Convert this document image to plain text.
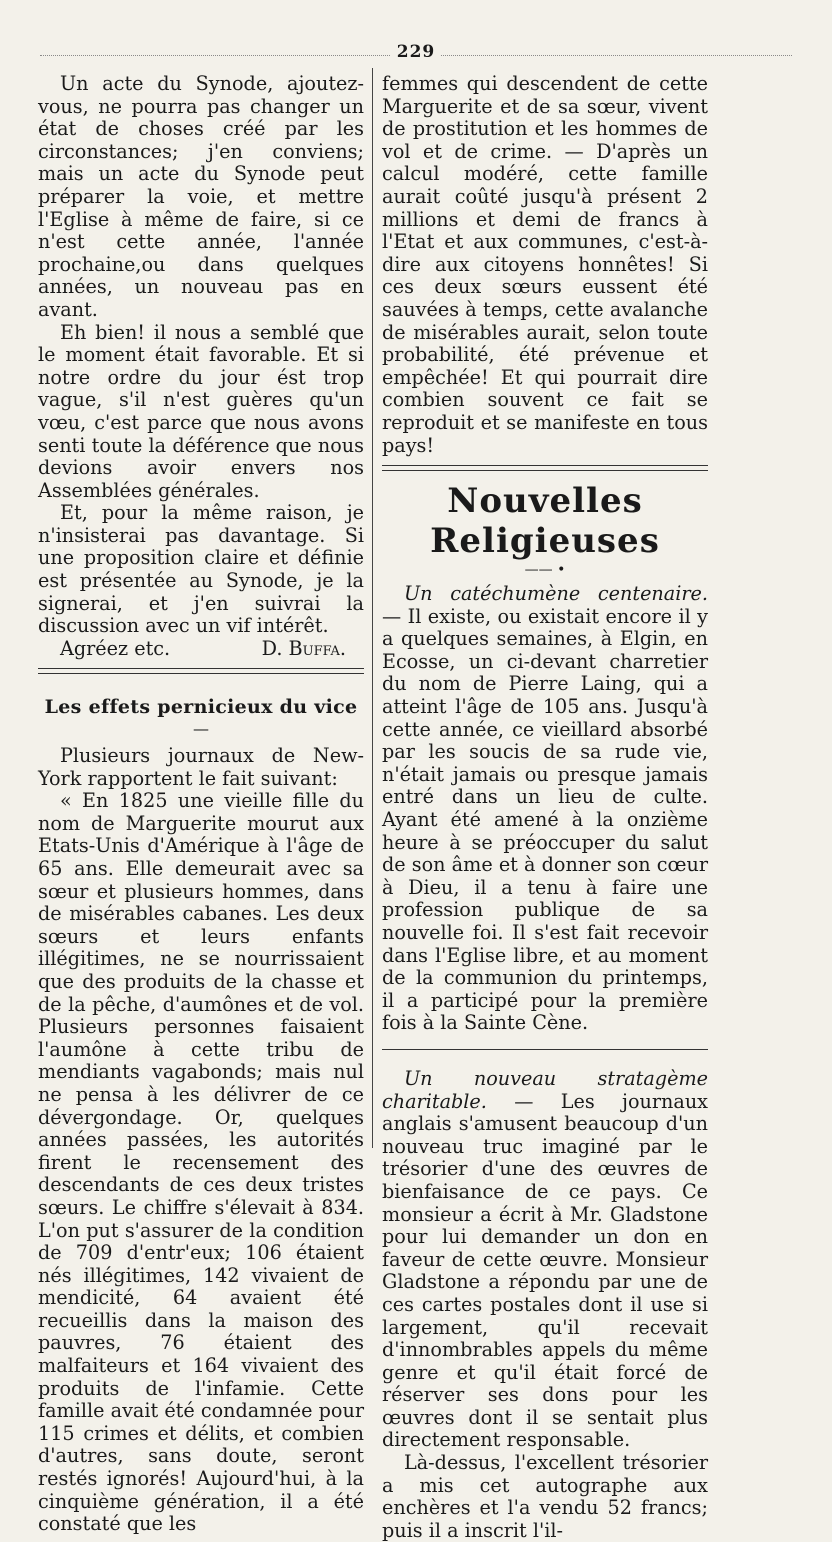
229

Un acte du Synode, ajoutez-vous, ne pourra pas changer un état de choses créé par les circonstances; j'en conviens; mais un acte du Synode peut préparer la voie, et mettre l'Eglise à même de faire, si ce n'est cette année, l'année prochaine,ou dans quelques années, un nouveau pas en avant.

Eh bien! il nous a semblé que le moment était favorable. Et si notre ordre du jour ést trop vague, s'il n'est guères qu'un vœu, c'est parce que nous avons senti toute la déférence que nous devions avoir envers nos Assemblées générales.

Et, pour la même raison, je n'insisterai pas davantage. Si une proposition claire et définie est présentée au Synode, je la signerai, et j'en suivrai la discussion avec un vif intérêt.

Agréez etc.	D. Buffa.
Les effets pernicieux du vice
—

Plusieurs journaux de New-York rapportent le fait suivant:

« En 1825 une vieille fille du nom de Marguerite mourut aux Etats-Unis d'Amérique à l'âge de 65 ans. Elle demeurait avec sa sœur et plusieurs hommes, dans de misérables cabanes. Les deux sœurs et leurs enfants illégitimes, ne se nourrissaient que des produits de la chasse et de la pêche, d'aumônes et de vol. Plusieurs personnes faisaient l'aumône à cette tribu de mendiants vagabonds; mais nul ne pensa à les délivrer de ce dévergondage. Or, quelques années passées, les autorités firent le recensement des descendants de ces deux tristes sœurs. Le chiffre s'élevait à 834. L'on put s'assurer de la condition de 709 d'entr'eux; 106 étaient nés illégitimes, 142 vivaient de mendicité, 64 avaient été recueillis dans la maison des pauvres, 76 étaient des malfaiteurs et 164 vivaient des produits de l'infamie. Cette famille avait été condamnée pour 115 crimes et délits, et combien d'autres, sans doute, seront restés ignorés! Aujourd'hui, à la cinquième génération, il a été constaté que les

femmes qui descendent de cette Marguerite et de sa sœur, vivent de prostitution et les hommes de vol et de crime. — D'après un calcul modéré, cette famille aurait coûté jusqu'à présent 2 millions et demi de francs à l'Etat et aux communes, c'est-à-dire aux citoyens honnêtes! Si ces deux sœurs eussent été sauvées à temps, cette avalanche de misérables aurait, selon toute probabilité, été prévenue et empêchée! Et qui pourrait dire combien souvent ce fait se reproduit et se manifeste en tous pays!

Nouvelles Religieuses
—— •

Un catéchumène centenaire. — Il existe, ou existait encore il y a quelques semaines, à Elgin, en Ecosse, un ci-devant charretier du nom de Pierre Laing, qui a atteint l'âge de 105 ans. Jusqu'à cette année, ce vieillard absorbé par les soucis de sa rude vie, n'était jamais ou presque jamais entré dans un lieu de culte. Ayant été amené à la onzième heure à se préoccuper du salut de son âme et à donner son cœur à Dieu, il a tenu à faire une profession publique de sa nouvelle foi. Il s'est fait recevoir dans l'Eglise libre, et au moment de la communion du printemps, il a participé pour la première fois à la Sainte Cène.

Un nouveau stratagème charitable. — Les journaux anglais s'amusent beaucoup d'un nouveau truc imaginé par le trésorier d'une des œuvres de bienfaisance de ce pays. Ce monsieur a écrit à Mr. Gladstone pour lui demander un don en faveur de cette œuvre. Monsieur Gladstone a répondu par une de ces cartes postales dont il use si largement, qu'il recevait d'innombrables appels du même genre et qu'il était forcé de réserver ses dons pour les œuvres dont il se sentait plus directement responsable.

Là-dessus, l'excellent trésorier a mis cet autographe aux enchères et l'a vendu 52 francs; puis il a inscrit l'il-
